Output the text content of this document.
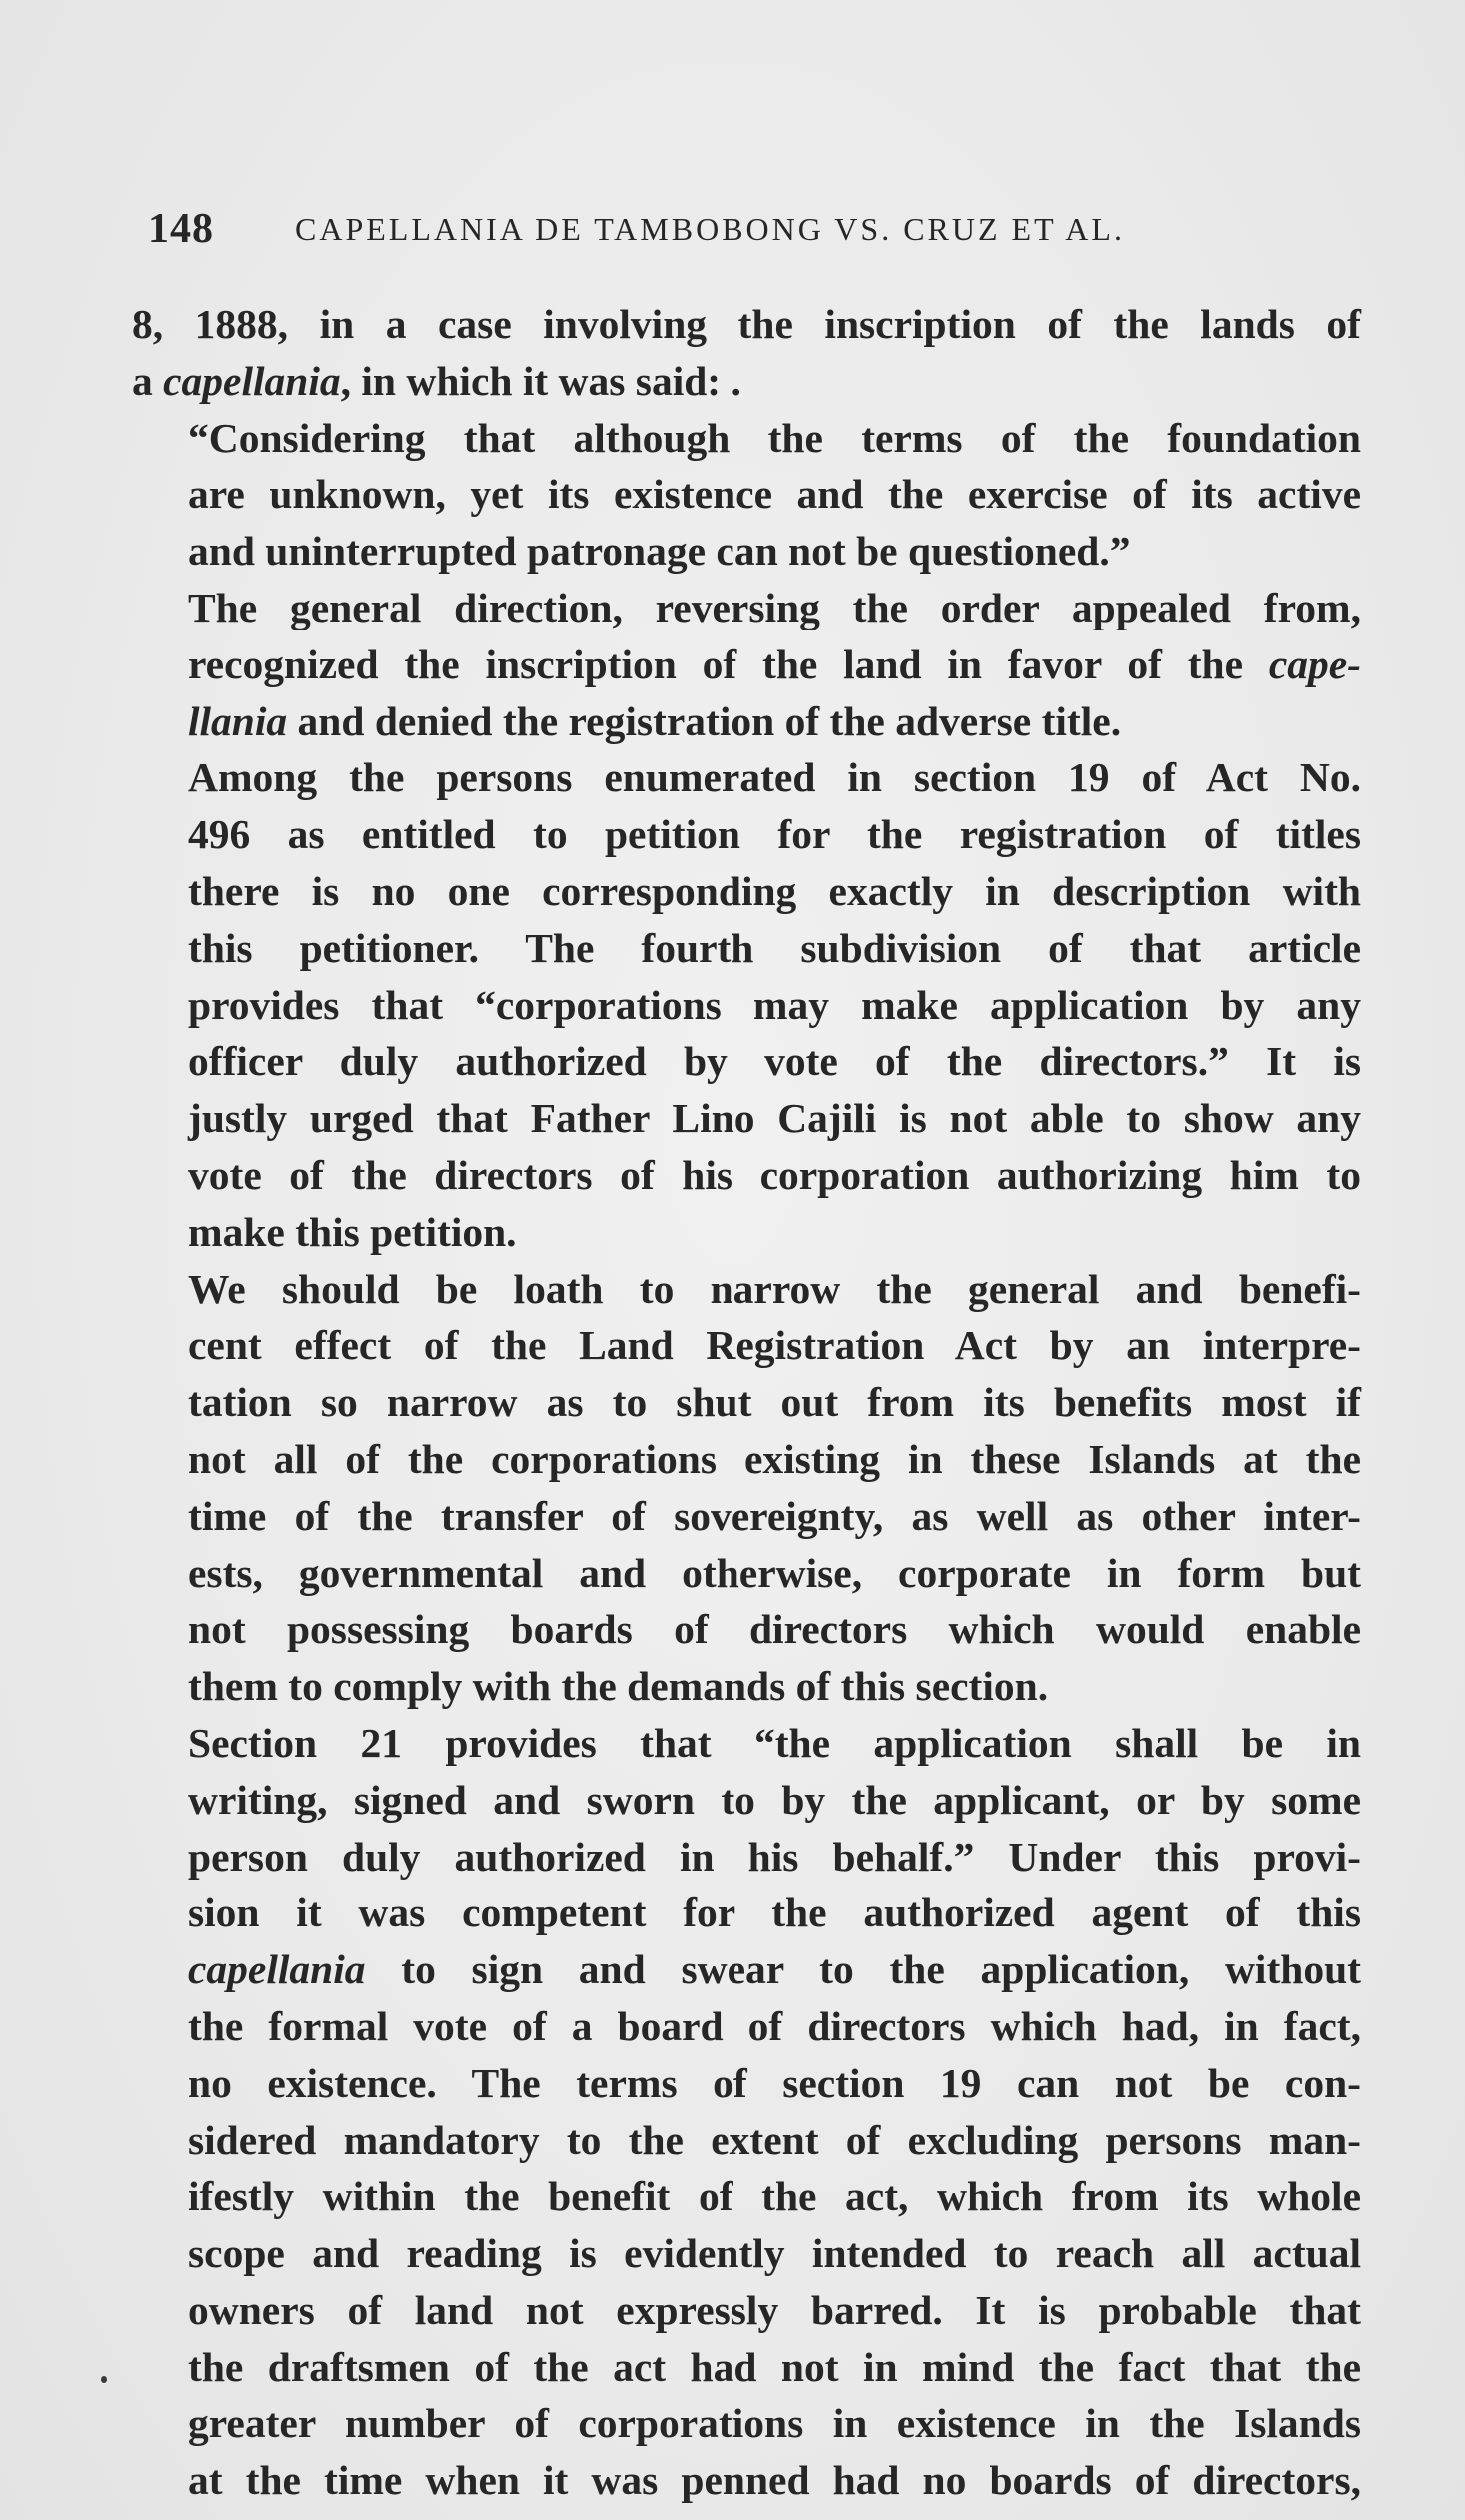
148	CAPELLANIA DE TAMBOBONG VS. CRUZ ET AL.

8, 1888, in a case involving the inscription of the lands of
a capellania, in which it was said: .

“Considering that although the terms of the foundation
are unknown, yet its existence and the exercise of its active
and uninterrupted patronage can not be questioned.”

The general direction, reversing the order appealed from,
recognized the inscription of the land in favor of the cape-
llania and denied the registration of the adverse title.

Among the persons enumerated in section 19 of Act No.
496 as entitled to petition for the registration of titles
there is no one corresponding exactly in description with
this petitioner. The fourth subdivision of that article
provides that “corporations may make application by any
officer duly authorized by vote of the directors.” It is
justly urged that Father Lino Cajili is not able to show any
vote of the directors of his corporation authorizing him to
make this petition.

We should be loath to narrow the general and benefi-
cent effect of the Land Registration Act by an interpre-
tation so narrow as to shut out from its benefits most if
not all of the corporations existing in these Islands at the
time of the transfer of sovereignty, as well as other inter-
ests, governmental and otherwise, corporate in form but
not possessing boards of directors which would enable
them to comply with the demands of this section.

Section 21 provides that “the application shall be in
writing, signed and sworn to by the applicant, or by some
person duly authorized in his behalf.” Under this provi-
sion it was competent for the authorized agent of this
capellania to sign and swear to the application, without
the formal vote of a board of directors which had, in fact,
no existence. The terms of section 19 can not be con-
sidered mandatory to the extent of excluding persons man-
ifestly within the benefit of the act, which from its whole
scope and reading is evidently intended to reach all actual
owners of land not expressly barred. It is probable that
the draftsmen of the act had not in mind the fact that the
greater number of corporations in existence in the Islands
at the time when it was penned had no boards of directors,
